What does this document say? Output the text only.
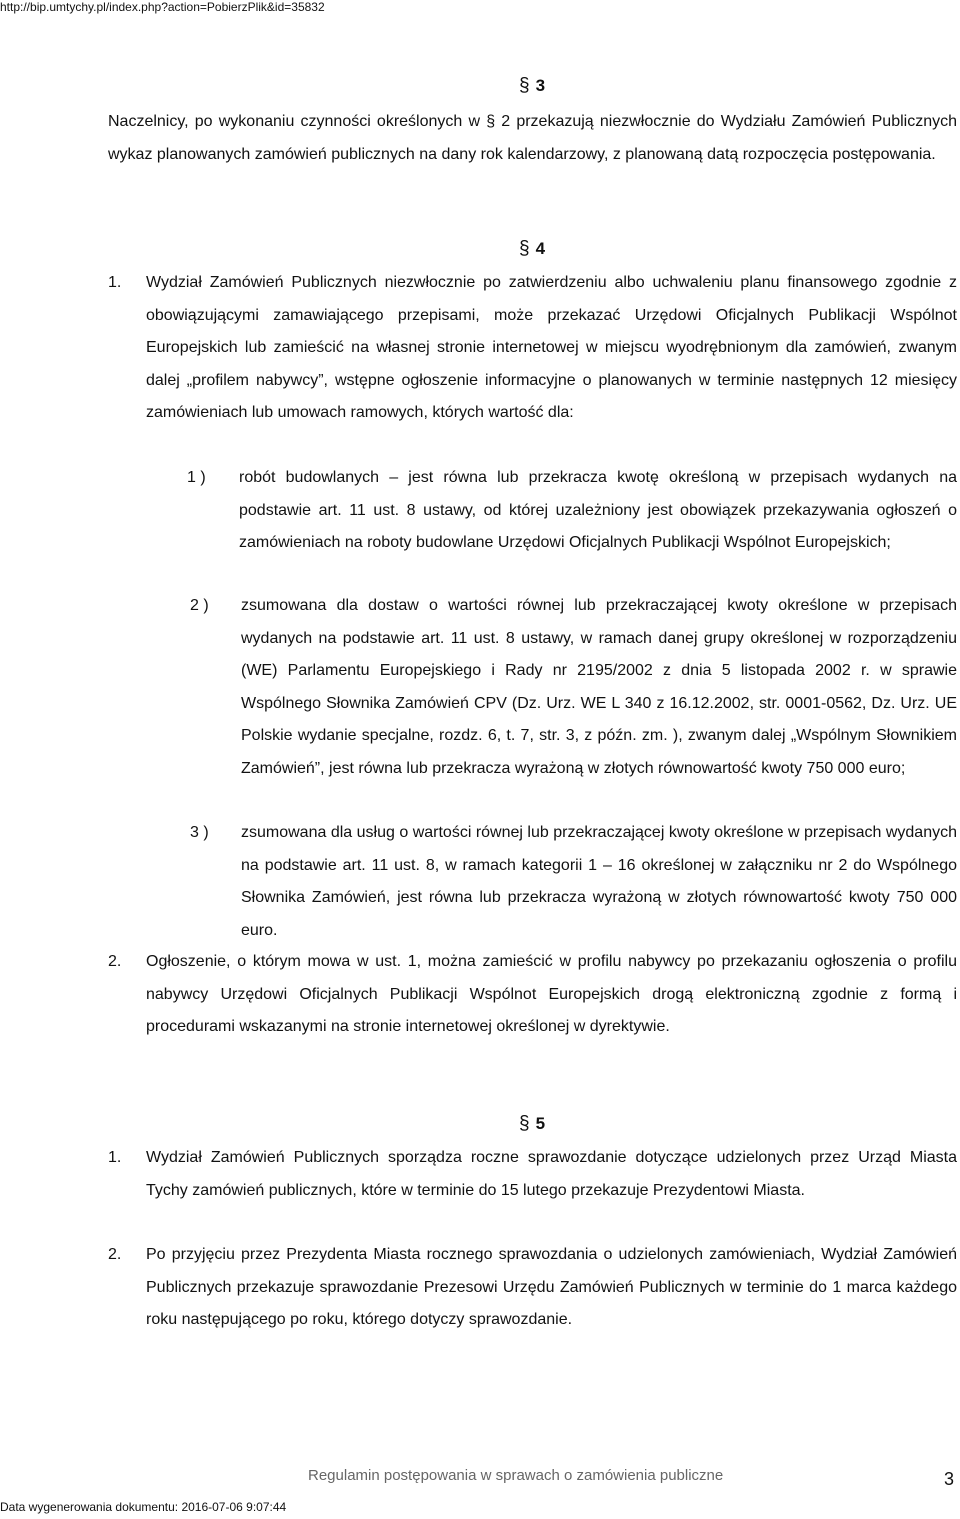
http://bip.umtychy.pl/index.php?action=PobierzPlik&id=35832
§ 3

Naczelnicy, po wykonaniu czynności określonych w § 2 przekazują niezwłocznie do Wydziału Zamówień Publicznych wykaz planowanych zamówień publicznych na dany rok kalendarzowy, z planowaną datą rozpoczęcia postępowania.

§ 4
1. Wydział Zamówień Publicznych niezwłocznie po zatwierdzeniu albo uchwaleniu planu finansowego zgodnie z obowiązującymi zamawiającego przepisami, może przekazać Urzędowi Oficjalnych Publikacji Wspólnot Europejskich lub zamieścić na własnej stronie internetowej w miejscu wyodrębnionym dla zamówień, zwanym dalej „profilem nabywcy”, wstępne ogłoszenie informacyjne o planowanych w terminie następnych 12 miesięcy zamówieniach lub umowach ramowych, których wartość dla:

1 ) robót budowlanych – jest równa lub przekracza kwotę określoną w przepisach wydanych na podstawie art. 11 ust. 8 ustawy, od której uzależniony jest obowiązek przekazywania ogłoszeń o zamówieniach na roboty budowlane Urzędowi Oficjalnych Publikacji Wspólnot Europejskich;

2 ) zsumowana dla dostaw o wartości równej lub przekraczającej kwoty określone w przepisach wydanych na podstawie art. 11 ust. 8 ustawy, w ramach danej grupy określonej w rozporządzeniu (WE) Parlamentu Europejskiego i Rady nr 2195/2002 z dnia 5 listopada 2002 r. w sprawie Wspólnego Słownika Zamówień CPV (Dz. Urz. WE L 340 z 16.12.2002, str. 0001-0562, Dz. Urz. UE Polskie wydanie specjalne, rozdz. 6, t. 7, str. 3, z późn. zm. ), zwanym dalej „Wspólnym Słownikiem Zamówień”, jest równa lub przekracza wyrażoną w złotych równowartość kwoty 750 000 euro;

3 ) zsumowana dla usług o wartości równej lub przekraczającej kwoty określone w przepisach wydanych na podstawie art. 11 ust. 8, w ramach kategorii 1 – 16 określonej w załączniku nr 2 do Wspólnego Słownika Zamówień, jest równa lub przekracza wyrażoną w złotych równowartość kwoty 750 000 euro.

2. Ogłoszenie, o którym mowa w ust. 1, można zamieścić w profilu nabywcy po przekazaniu ogłoszenia o profilu nabywcy Urzędowi Oficjalnych Publikacji Wspólnot Europejskich drogą elektroniczną zgodnie z formą i procedurami wskazanymi na stronie internetowej określonej w dyrektywie.

§ 5
1. Wydział Zamówień Publicznych sporządza roczne sprawozdanie dotyczące udzielonych przez Urząd Miasta Tychy zamówień publicznych, które w terminie do 15 lutego przekazuje Prezydentowi Miasta.

2. Po przyjęciu przez Prezydenta Miasta rocznego sprawozdania o udzielonych zamówieniach, Wydział Zamówień Publicznych przekazuje sprawozdanie Prezesowi Urzędu Zamówień Publicznych w terminie do 1 marca każdego roku następującego po roku, którego dotyczy sprawozdanie.

Regulamin postępowania w sprawach o zamówienia publiczne	3
Data wygenerowania dokumentu: 2016-07-06 9:07:44
